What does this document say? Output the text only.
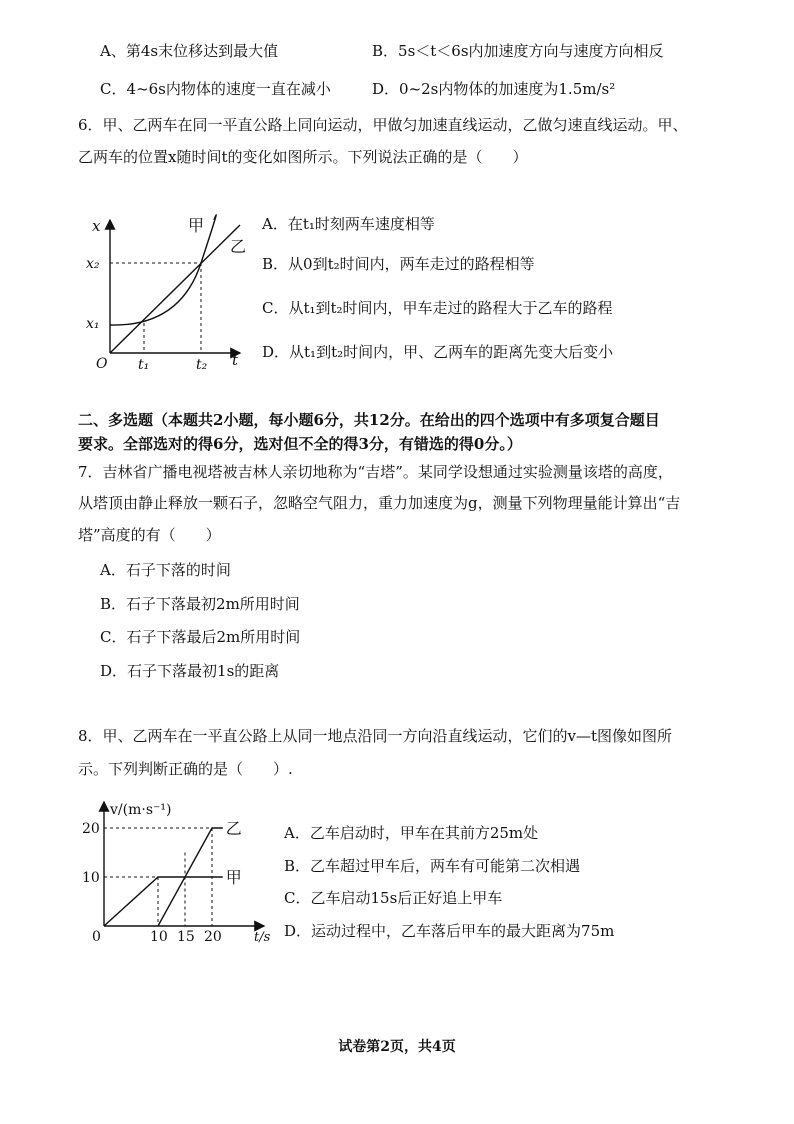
A、第4s末位移达到最大值	B．5s＜t＜6s内加速度方向与速度方向相反
C．4~6s内物体的速度一直在减小	D．0~2s内物体的加速度为1.5m/s²
6．甲、乙两车在同一平直公路上同向运动，甲做匀加速直线运动，乙做匀速直线运动。甲、
乙两车的位置x随时间t的变化如图所示。下列说法正确的是（　　）
x
t
O
x₂
x₁
t₁	t₂
甲
乙
A．在t₁时刻两车速度相等
B．从0到t₂时间内，两车走过的路程相等
C．从t₁到t₂时间内，甲车走过的路程大于乙车的路程
D．从t₁到t₂时间内，甲、乙两车的距离先变大后变小
二、多选题（本题共2小题，每小题6分，共12分。在给出的四个选项中有多项复合题目
要求。全部选对的得6分，选对但不全的得3分，有错选的得0分。）
7．吉林省广播电视塔被吉林人亲切地称为“吉塔”。某同学设想通过实验测量该塔的高度，
从塔顶由静止释放一颗石子，忽略空气阻力，重力加速度为g，测量下列物理量能计算出“吉
塔”高度的有（　　）
A．石子下落的时间
B．石子下落最初2m所用时间
C．石子下落最后2m所用时间
D．石子下落最初1s的距离
8．甲、乙两车在一平直公路上从同一地点沿同一方向沿直线运动，它们的v—t图像如图所
示。下列判断正确的是（　　）.
0	10 15 20
10
20
v/(m·s⁻¹)
t/s
乙
甲
A．乙车启动时，甲车在其前方25m处
B．乙车超过甲车后，两车有可能第二次相遇
C．乙车启动15s后正好追上甲车
D．运动过程中，乙车落后甲车的最大距离为75m
试卷第2页，共4页
